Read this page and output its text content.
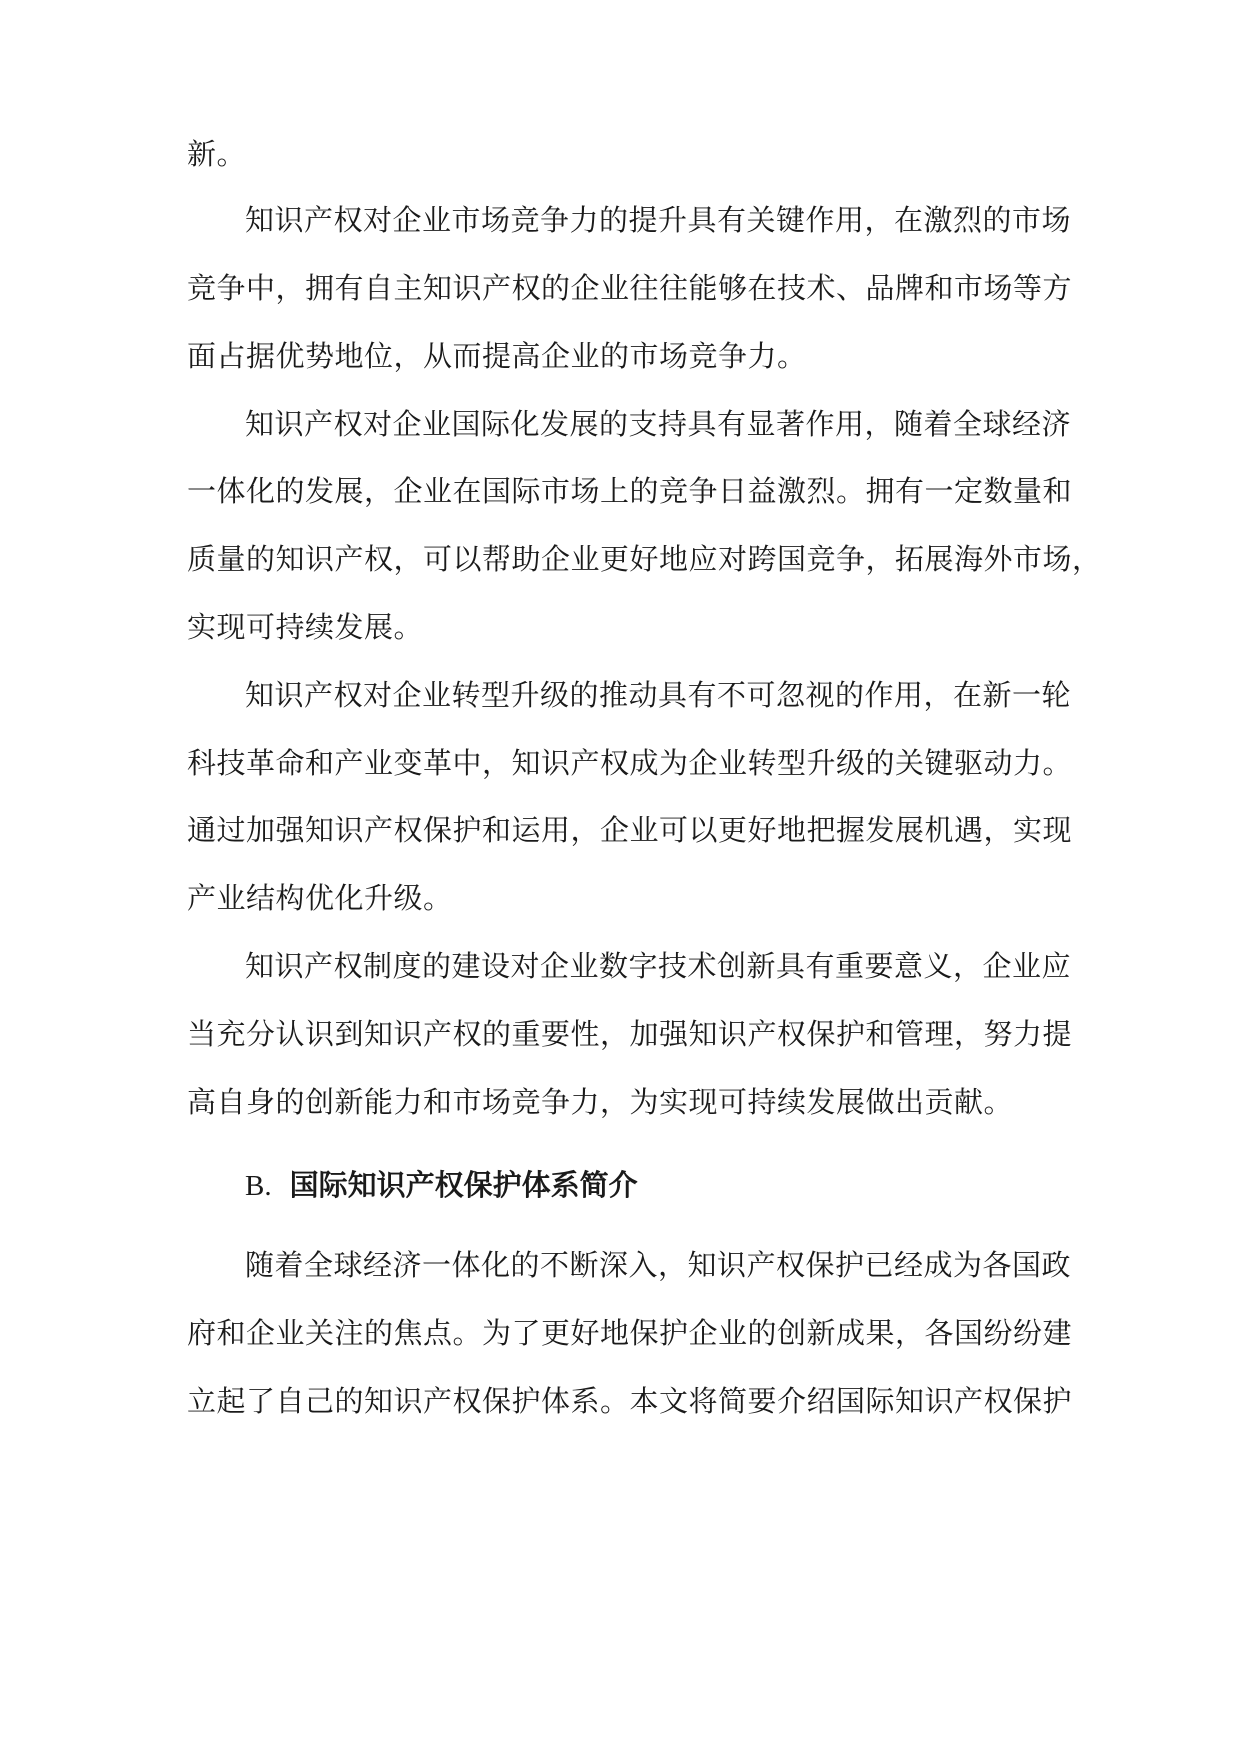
新。
知识产权对企业市场竞争力的提升具有关键作用，在激烈的市场
竞争中，拥有自主知识产权的企业往往能够在技术、品牌和市场等方
面占据优势地位，从而提高企业的市场竞争力。
知识产权对企业国际化发展的支持具有显著作用，随着全球经济
一体化的发展，企业在国际市场上的竞争日益激烈。拥有一定数量和
质量的知识产权，可以帮助企业更好地应对跨国竞争，拓展海外市场，
实现可持续发展。
知识产权对企业转型升级的推动具有不可忽视的作用，在新一轮
科技革命和产业变革中，知识产权成为企业转型升级的关键驱动力。
通过加强知识产权保护和运用，企业可以更好地把握发展机遇，实现
产业结构优化升级。
知识产权制度的建设对企业数字技术创新具有重要意义，企业应
当充分认识到知识产权的重要性，加强知识产权保护和管理，努力提
高自身的创新能力和市场竞争力，为实现可持续发展做出贡献。
B. 国际知识产权保护体系简介
随着全球经济一体化的不断深入，知识产权保护已经成为各国政
府和企业关注的焦点。为了更好地保护企业的创新成果，各国纷纷建
立起了自己的知识产权保护体系。本文将简要介绍国际知识产权保护
